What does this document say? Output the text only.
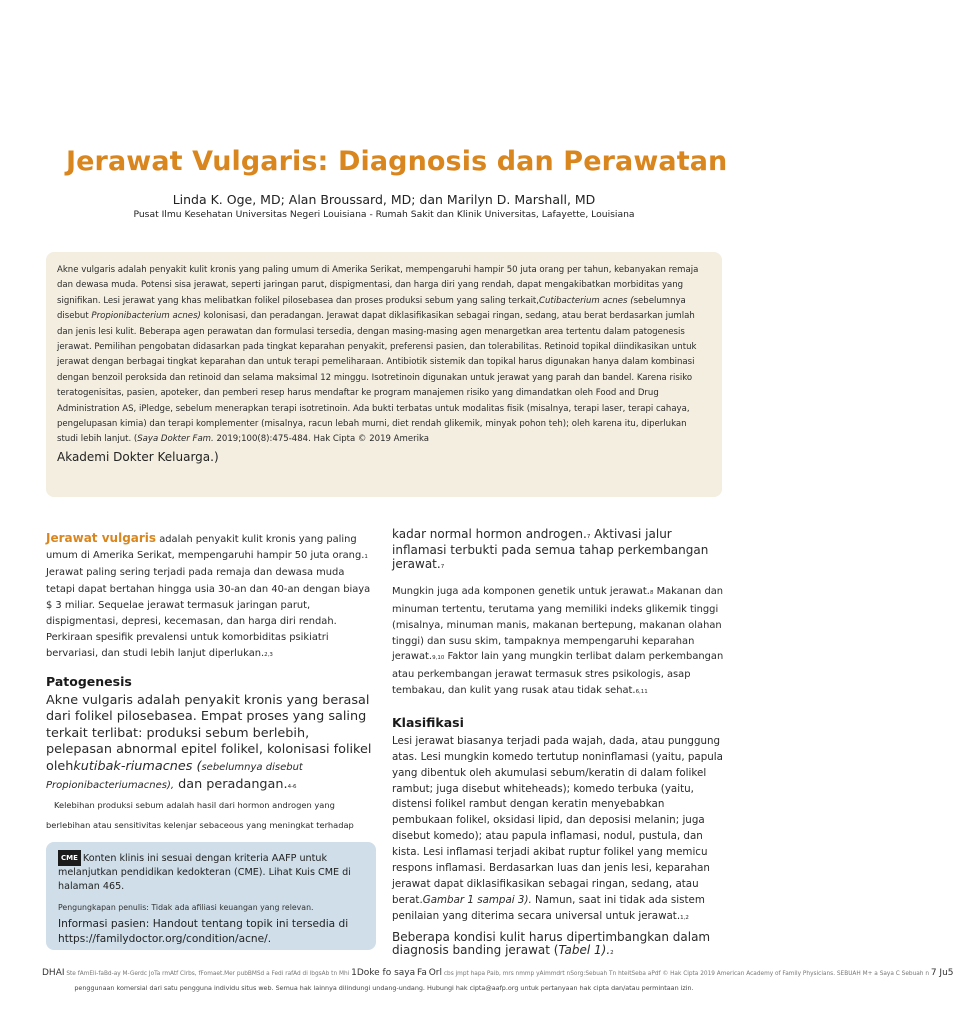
Jerawat Vulgaris: Diagnosis dan Perawatan
Linda K. Oge, MD; Alan Broussard, MD; dan Marilyn D. Marshall, MD
Pusat Ilmu Kesehatan Universitas Negeri Louisiana - Rumah Sakit dan Klinik Universitas, Lafayette, Louisiana
Akne vulgaris adalah penyakit kulit kronis yang paling umum di Amerika Serikat, mempengaruhi hampir 50 juta orang per tahun, kebanyakan remaja dan dewasa muda. Potensi sisa jerawat, seperti jaringan parut, dispigmentasi, dan harga diri yang rendah, dapat mengakibatkan morbiditas yang signifikan. Lesi jerawat yang khas melibatkan folikel pilosebasea dan proses produksi sebum yang saling terkait,Cutibacterium acnes (sebelumnya disebut Propionibacterium acnes) kolonisasi, dan peradangan. Jerawat dapat diklasifikasikan sebagai ringan, sedang, atau berat berdasarkan jumlah dan jenis lesi kulit. Beberapa agen perawatan dan formulasi tersedia, dengan masing-masing agen menargetkan area tertentu dalam patogenesis jerawat. Pemilihan pengobatan didasarkan pada tingkat keparahan penyakit, preferensi pasien, dan tolerabilitas. Retinoid topikal diindikasikan untuk jerawat dengan berbagai tingkat keparahan dan untuk terapi pemeliharaan. Antibiotik sistemik dan topikal harus digunakan hanya dalam kombinasi dengan benzoil peroksida dan retinoid dan selama maksimal 12 minggu. Isotretinoin digunakan untuk jerawat yang parah dan bandel. Karena risiko teratogenisitas, pasien, apoteker, dan pemberi resep harus mendaftar ke program manajemen risiko yang dimandatkan oleh Food and Drug Administration AS, iPledge, sebelum menerapkan terapi isotretinoin. Ada bukti terbatas untuk modalitas fisik (misalnya, terapi laser, terapi cahaya, pengelupasan kimia) dan terapi komplementer (misalnya, racun lebah murni, diet rendah glikemik, minyak pohon teh); oleh karena itu, diperlukan studi lebih lanjut. (Saya Dokter Fam. 2019;100(8):475-484. Hak Cipta © 2019 Amerika
Akademi Dokter Keluarga.)
Jerawat vulgaris adalah penyakit kulit kronis yang paling umum di Amerika Serikat, mempengaruhi hampir 50 juta orang.1 Jerawat paling sering terjadi pada remaja dan dewasa muda tetapi dapat bertahan hingga usia 30-an dan 40-an dengan biaya $ 3 miliar. Sequelae jerawat termasuk jaringan parut, dispigmentasi, depresi, kecemasan, dan harga diri rendah. Perkiraan spesifik prevalensi untuk komorbiditas psikiatri bervariasi, dan studi lebih lanjut diperlukan.2,3
Patogenesis
Akne vulgaris adalah penyakit kronis yang berasal dari folikel pilosebasea. Empat proses yang saling terkait terlibat: produksi sebum berlebih, pelepasan abnormal epitel folikel, kolonisasi folikel olehkutibak-riumacnes (sebelumnya disebut Propionibacteriumacnes), dan peradangan.4-6
Kelebihan produksi sebum adalah hasil dari hormon androgen yang berlebihan atau sensitivitas kelenjar sebaceous yang meningkat terhadap
CME Konten klinis ini sesuai dengan kriteria AAFP untuk melanjutkan pendidikan kedokteran (CME). Lihat Kuis CME di halaman 465.
Pengungkapan penulis: Tidak ada afiliasi keuangan yang relevan.
Informasi pasien: Handout tentang topik ini tersedia di https://familydoctor.org/condition/acne/.
kadar normal hormon androgen.7 Aktivasi jalur inflamasi terbukti pada semua tahap perkembangan jerawat.7
Mungkin juga ada komponen genetik untuk jerawat.8 Makanan dan minuman tertentu, terutama yang memiliki indeks glikemik tinggi (misalnya, minuman manis, makanan bertepung, makanan olahan tinggi) dan susu skim, tampaknya mempengaruhi keparahan jerawat.9,10 Faktor lain yang mungkin terlibat dalam perkembangan atau perkembangan jerawat termasuk stres psikologis, asap tembakau, dan kulit yang rusak atau tidak sehat.6,11
Klasifikasi
Lesi jerawat biasanya terjadi pada wajah, dada, atau punggung atas. Lesi mungkin komedo tertutup noninflamasi (yaitu, papula yang dibentuk oleh akumulasi sebum/keratin di dalam folikel rambut; juga disebut whiteheads); komedo terbuka (yaitu, distensi folikel rambut dengan keratin menyebabkan pembukaan folikel, oksidasi lipid, dan deposisi melanin; juga disebut komedo); atau papula inflamasi, nodul, pustula, dan kista. Lesi inflamasi terjadi akibat ruptur folikel yang memicu respons inflamasi. Berdasarkan luas dan jenis lesi, keparahan jerawat dapat diklasifikasikan sebagai ringan, sedang, atau berat.Gambar 1 sampai 3). Namun, saat ini tidak ada sistem penilaian yang diterima secara universal untuk jerawat.1,2
Beberapa kondisi kulit harus dipertimbangkan dalam diagnosis banding jerawat (Tabel 1).2
DHAI Ste fAmEli-faBd-ay M-Gerdc JoTa rmAtf Clrbs, fFomaet.Mer pubBMSd a Fedi rafAd di lbgsAb tn Mhi 1Doke fo saya Fa Orl cbs jmpt hapa Paib, mrs nmmp yAimmdrt nSorg:Sebuah Tn hteitSeba aPdf © Hak Cipta 2019 American Academy of Family Physicians. SEBUAH M+ a Saya C Sebuah n 7 Ju5
penggunaan komersial dari satu pengguna individu situs web. Semua hak lainnya dilindungi undang-undang. Hubungi hak cipta@aafp.org untuk pertanyaan hak cipta dan/atau permintaan izin.
